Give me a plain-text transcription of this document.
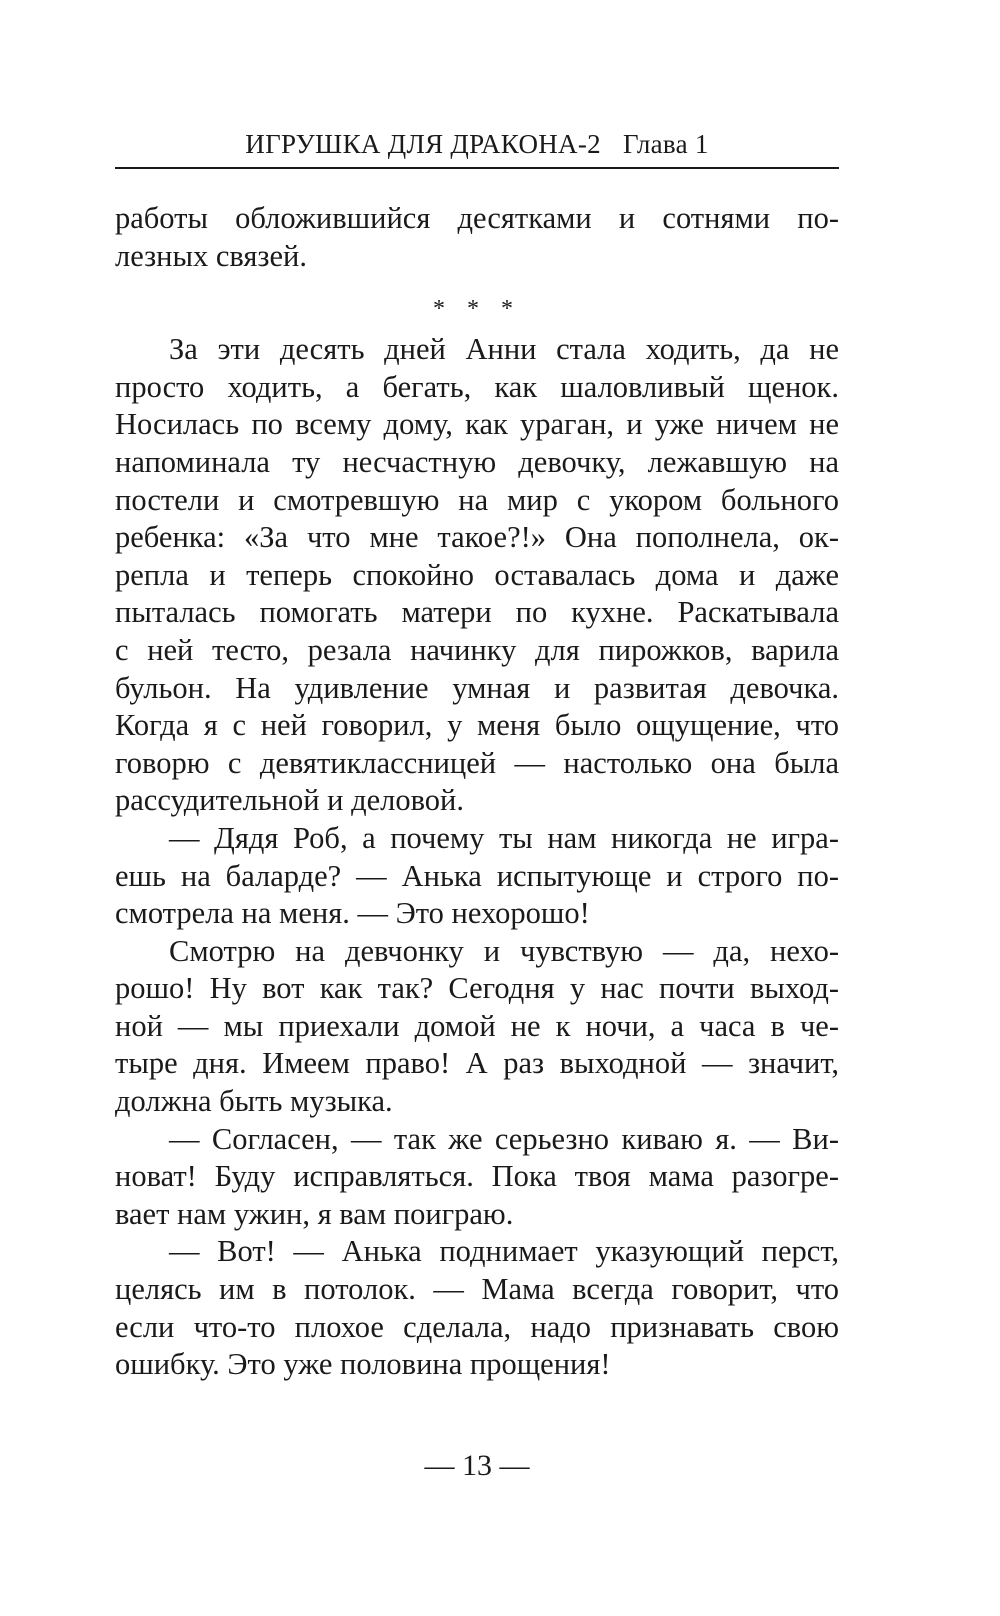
ИГРУШКА ДЛЯ ДРАКОНА-2 Глава 1
работы обложившийся десятками и сотнями по-
лезных связей.
* * *
За эти десять дней Анни стала ходить, да не
просто ходить, а бегать, как шаловливый щенок.
Носилась по всему дому, как ураган, и уже ничем не
напоминала ту несчастную девочку, лежавшую на
постели и смотревшую на мир с укором больного
ребенка: «За что мне такое?!» Она пополнела, ок-
репла и теперь спокойно оставалась дома и даже
пыталась помогать матери по кухне. Раскатывала
с ней тесто, резала начинку для пирожков, варила
бульон. На удивление умная и развитая девочка.
Когда я с ней говорил, у меня было ощущение, что
говорю с девятиклассницей — настолько она была
рассудительной и деловой.
— Дядя Роб, а почему ты нам никогда не игра-
ешь на баларде? — Анька испытующе и строго по-
смотрела на меня. — Это нехорошо!
Смотрю на девчонку и чувствую — да, нехо-
рошо! Ну вот как так? Сегодня у нас почти выход-
ной — мы приехали домой не к ночи, а часа в че-
тыре дня. Имеем право! А раз выходной — значит,
должна быть музыка.
— Согласен, — так же серьезно киваю я. — Ви-
новат! Буду исправляться. Пока твоя мама разогре-
вает нам ужин, я вам поиграю.
— Вот! — Анька поднимает указующий перст,
целясь им в потолок. — Мама всегда говорит, что
если что-то плохое сделала, надо признавать свою
ошибку. Это уже половина прощения!
— 13 —
